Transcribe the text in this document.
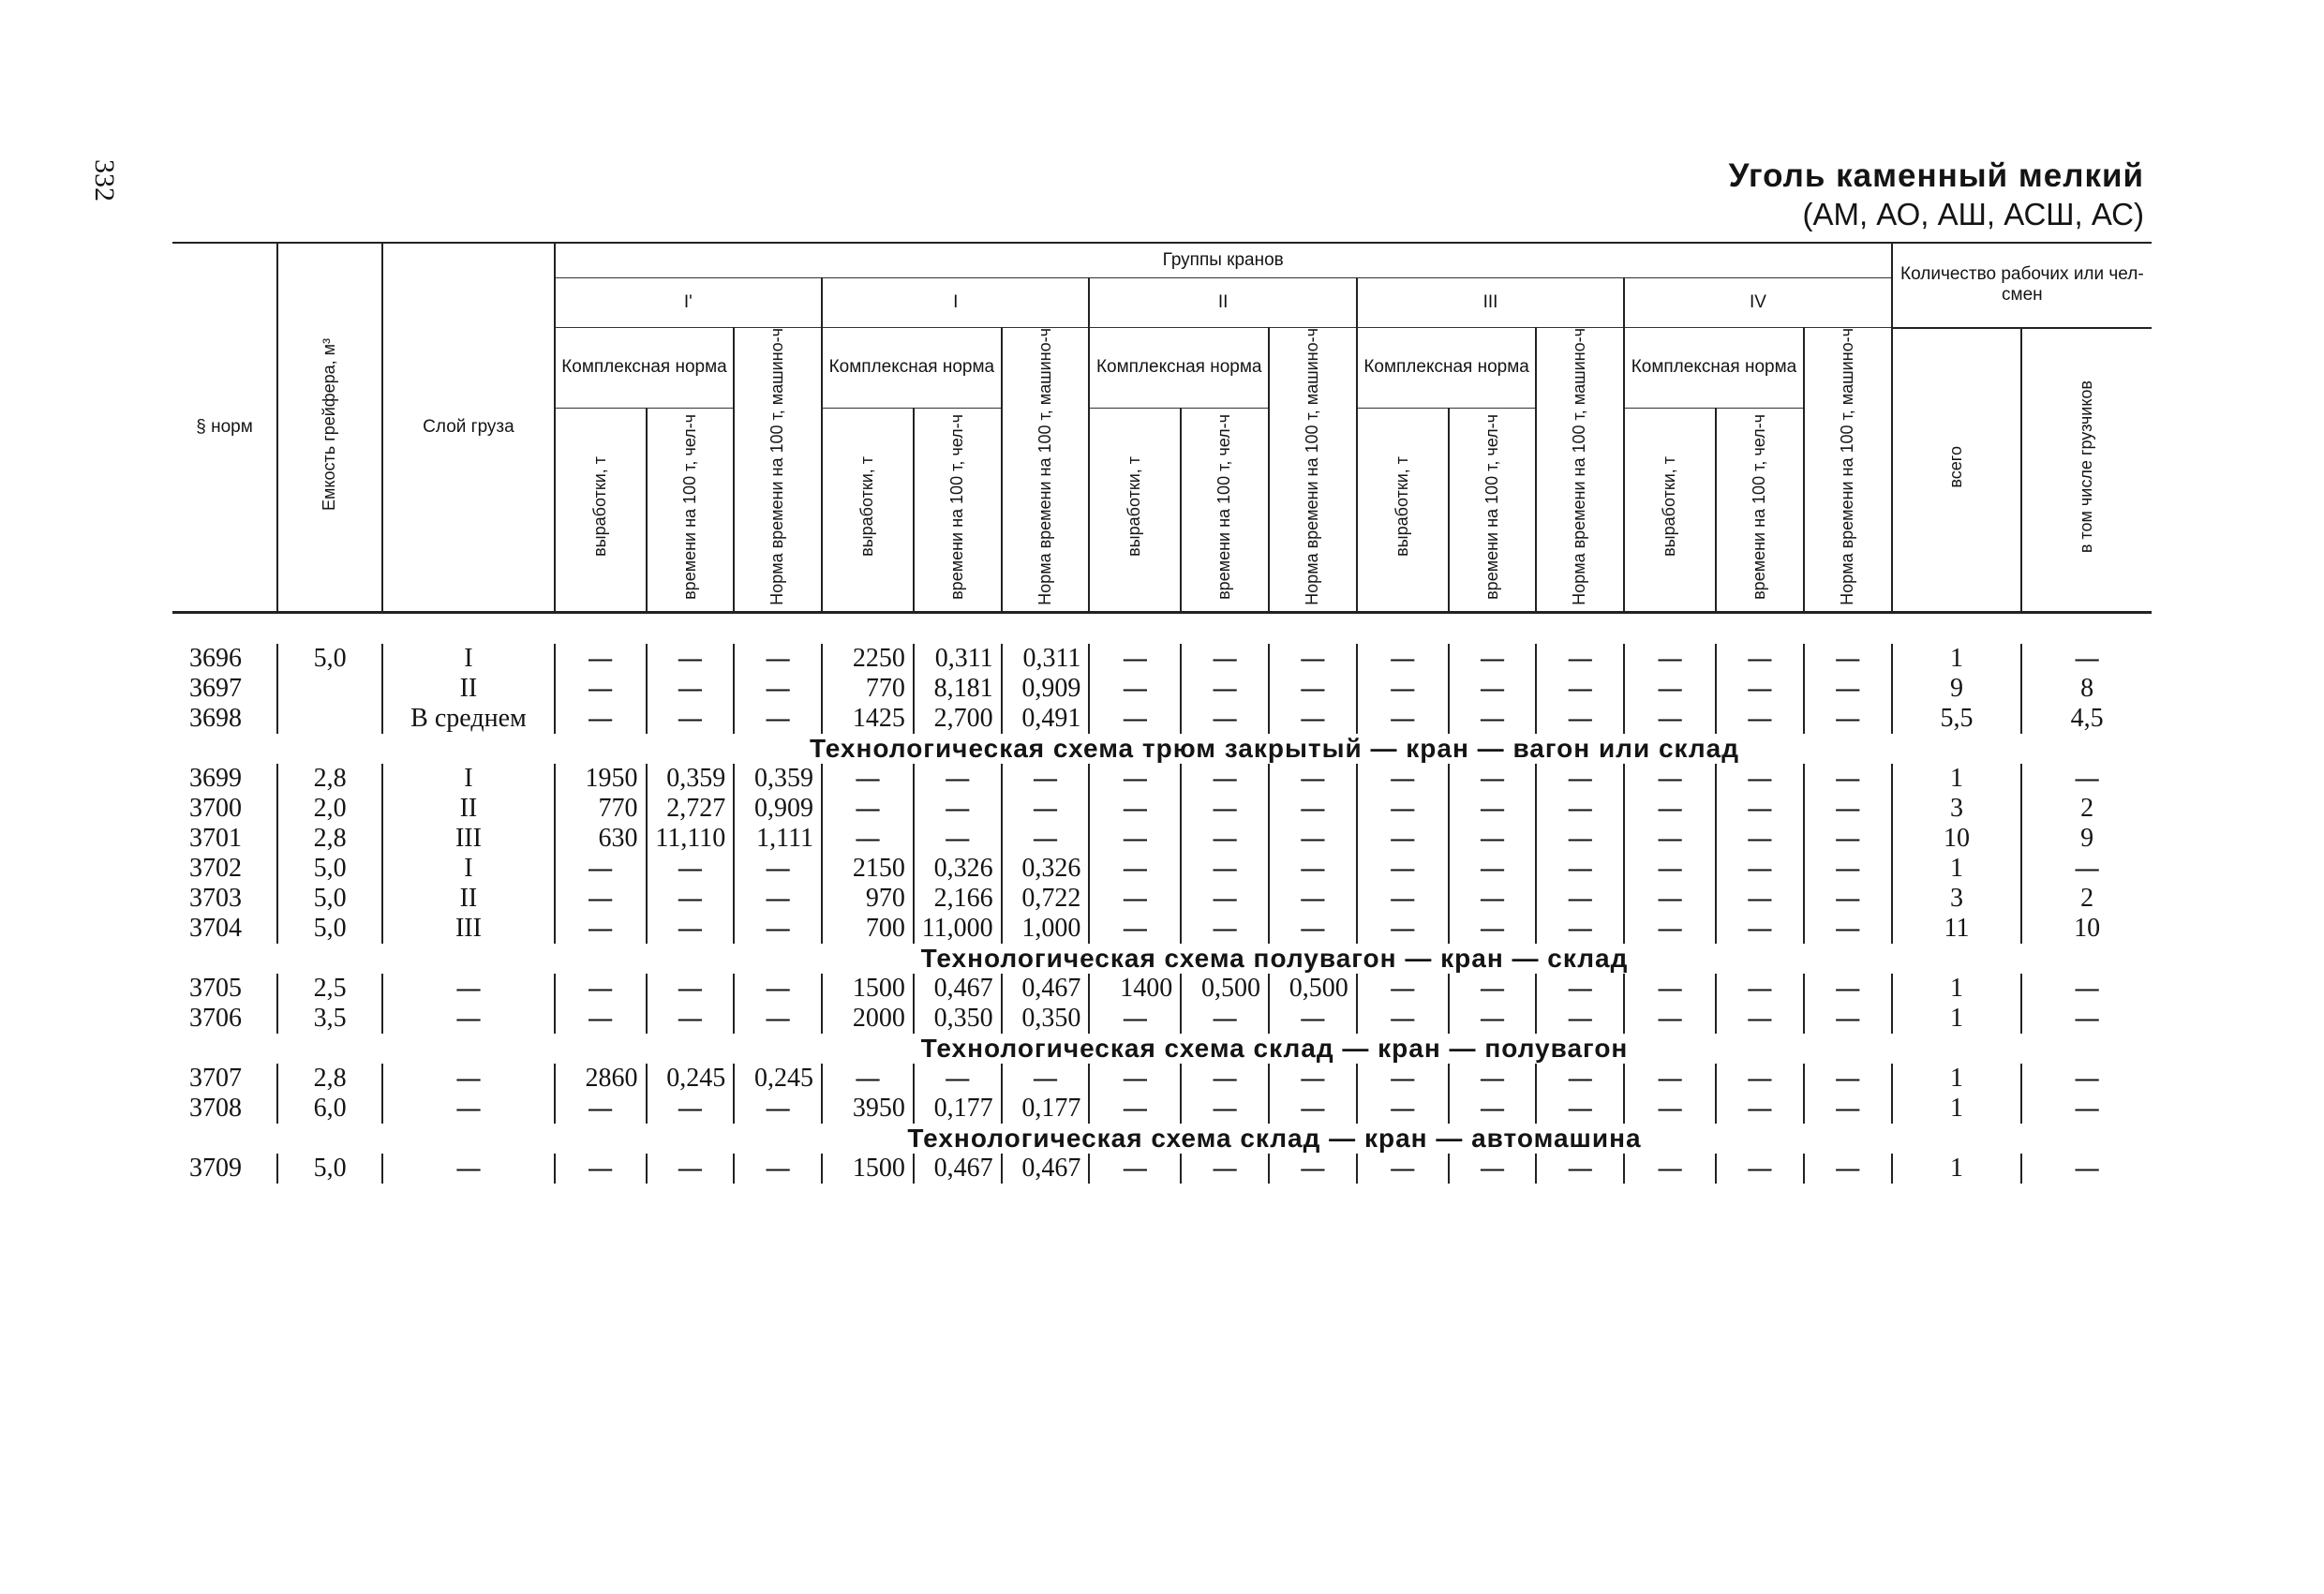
332	Уголь каменный мелкий
(АМ, АО, АШ, АСШ, АС)
§ норм	Емкость грейфера, м³	Слой груза	Группы кранов															Количество рабочих или чел-смен	
			I'			I			II			III			IV				
			Комплексная норма		Норма времени на 100 т, машино-ч	Комплексная норма		Норма времени на 100 т, машино-ч	Комплексная норма		Норма времени на 100 т, машино-ч	Комплексная норма		Норма времени на 100 т, машино-ч	Комплексная норма		Норма времени на 100 т, машино-ч	всего	в том числе грузчиков
			выработки, т	времени на 100 т, чел-ч		выработки, т	времени на 100 т, чел-ч		выработки, т	времени на 100 т, чел-ч		выработки, т	времени на 100 т, чел-ч		выработки, т	времени на 100 т, чел-ч			

3696	5,0	I	—	—	—	2250	0,311	0,311	—	—	—	—	—	—	—	—	—	1	—
3697		II	—	—	—	770	8,181	0,909	—	—	—	—	—	—	—	—	—	9	8
3698		В среднем	—	—	—	1425	2,700	0,491	—	—	—	—	—	—	—	—	—	5,5	4,5
Технологическая схема трюм закрытый — кран — вагон или склад																			
3699	2,8	I	1950	0,359	0,359	—	—	—	—	—	—	—	—	—	—	—	—	1	—
3700	2,0	II	770	2,727	0,909	—	—	—	—	—	—	—	—	—	—	—	—	3	2
3701	2,8	III	630	11,110	1,111	—	—	—	—	—	—	—	—	—	—	—	—	10	9
3702	5,0	I	—	—	—	2150	0,326	0,326	—	—	—	—	—	—	—	—	—	1	—
3703	5,0	II	—	—	—	970	2,166	0,722	—	—	—	—	—	—	—	—	—	3	2
3704	5,0	III	—	—	—	700	11,000	1,000	—	—	—	—	—	—	—	—	—	11	10
Технологическая схема полувагон — кран — склад																			
3705	2,5	—	—	—	—	1500	0,467	0,467	1400	0,500	0,500	—	—	—	—	—	—	1	—
3706	3,5	—	—	—	—	2000	0,350	0,350	—	—	—	—	—	—	—	—	—	1	—
Технологическая схема склад — кран — полувагон																			
3707	2,8	—	2860	0,245	0,245	—	—	—	—	—	—	—	—	—	—	—	—	1	—
3708	6,0	—	—	—	—	3950	0,177	0,177	—	—	—	—	—	—	—	—	—	1	—
Технологическая схема склад — кран — автомашина																			
3709	5,0	—	—	—	—	1500	0,467	0,467	—	—	—	—	—	—	—	—	—	1	—
